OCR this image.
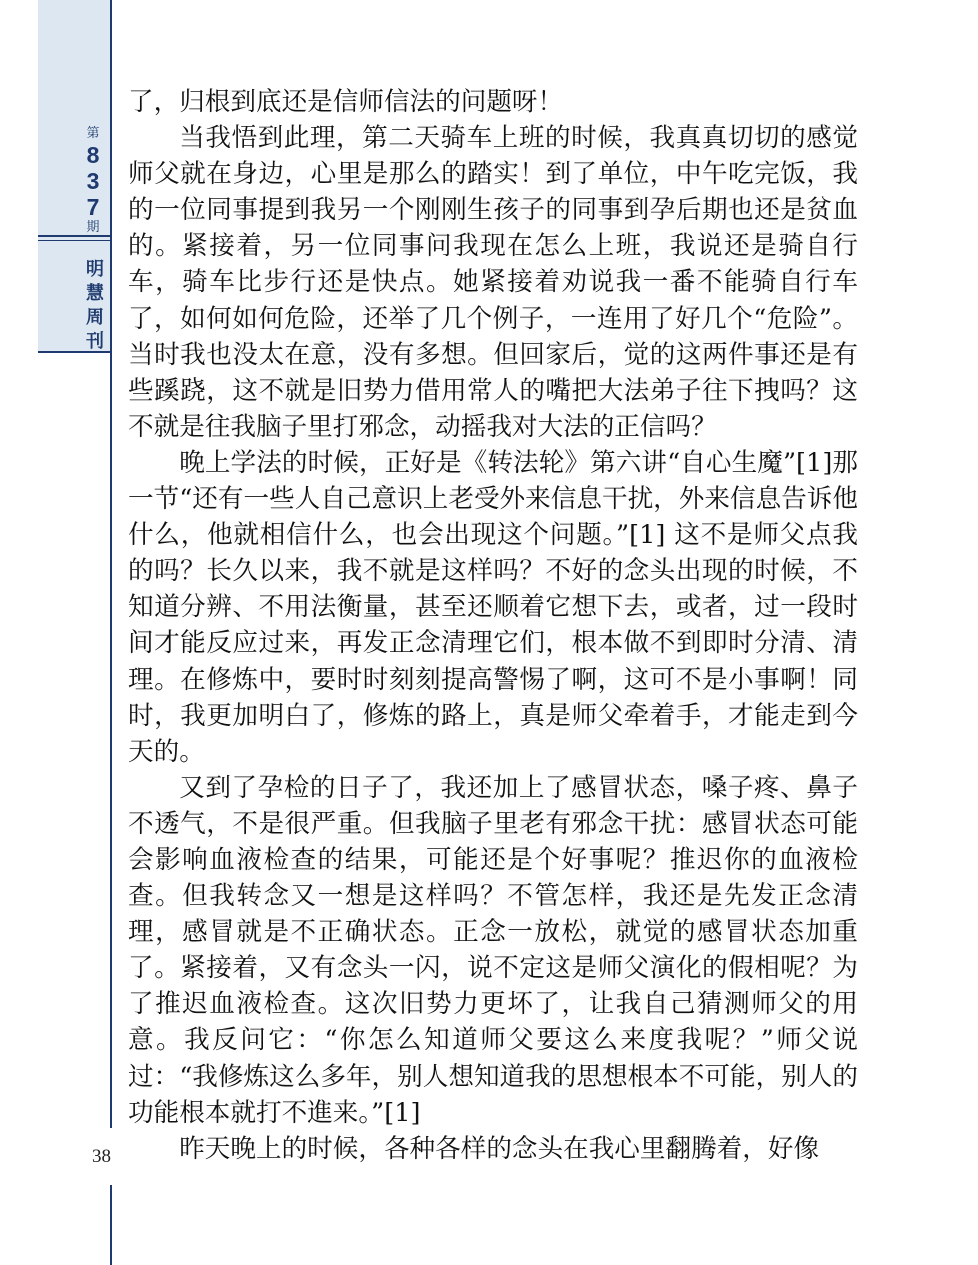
第
8
3
7
期
明
慧
周
刊
38

了，归根到底还是信师信法的问题呀！

当我悟到此理，第二天骑车上班的时候，我真真切切的感觉师父就在身边，心里是那么的踏实！到了单位，中午吃完饭，我的一位同事提到我另一个刚刚生孩子的同事到孕后期也还是贫血的。紧接着，另一位同事问我现在怎么上班，我说还是骑自行车，骑车比步行还是快点。她紧接着劝说我一番不能骑自行车了，如何如何危险，还举了几个例子，一连用了好几个“危险”。当时我也没太在意，没有多想。但回家后，觉的这两件事还是有些蹊跷，这不就是旧势力借用常人的嘴把大法弟子往下拽吗？这不就是往我脑子里打邪念，动摇我对大法的正信吗？

晚上学法的时候，正好是《转法轮》第六讲“自心生魔”[1]那一节“还有一些人自己意识上老受外来信息干扰，外来信息告诉他什么，他就相信什么，也会出现这个问题。”[1] 这不是师父点我的吗？长久以来，我不就是这样吗？不好的念头出现的时候，不知道分辨、不用法衡量，甚至还顺着它想下去，或者，过一段时间才能反应过来，再发正念清理它们，根本做不到即时分清、清理。在修炼中，要时时刻刻提高警惕了啊，这可不是小事啊！同时，我更加明白了，修炼的路上，真是师父牵着手，才能走到今天的。

又到了孕检的日子了，我还加上了感冒状态，嗓子疼、鼻子不透气，不是很严重。但我脑子里老有邪念干扰：感冒状态可能会影响血液检查的结果，可能还是个好事呢？推迟你的血液检查。但我转念又一想是这样吗？不管怎样，我还是先发正念清理，感冒就是不正确状态。正念一放松，就觉的感冒状态加重了。紧接着，又有念头一闪，说不定这是师父演化的假相呢？为了推迟血液检查。这次旧势力更坏了，让我自己猜测师父的用意。我反问它：“你怎么知道师父要这么来度我呢？”师父说过：“我修炼这么多年，别人想知道我的思想根本不可能，别人的功能根本就打不進来。”[1]

昨天晚上的时候，各种各样的念头在我心里翻腾着，好像
